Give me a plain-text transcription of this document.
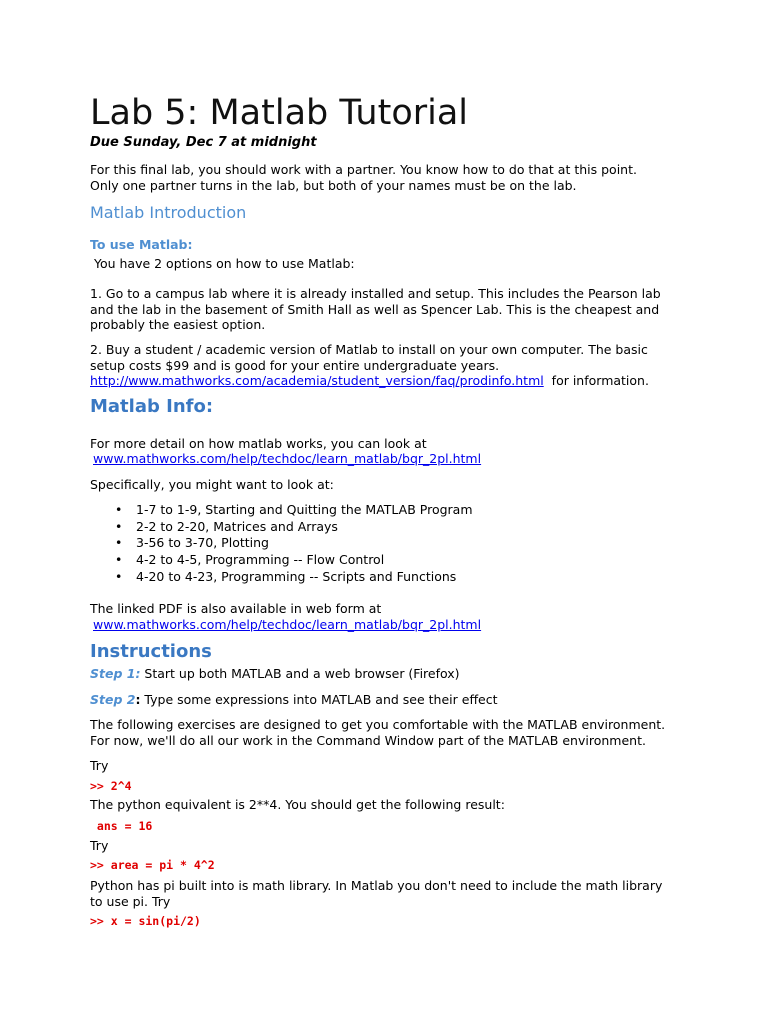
Lab 5: Matlab Tutorial
Due Sunday, Dec 7 at midnight
For this final lab, you should work with a partner. You know how to do that at this point.
Only one partner turns in the lab, but both of your names must be on the lab.
Matlab Introduction
To use Matlab:
You have 2 options on how to use Matlab:
1. Go to a campus lab where it is already installed and setup. This includes the Pearson lab
and the lab in the basement of Smith Hall as well as Spencer Lab. This is the cheapest and
probably the easiest option.
2. Buy a student / academic version of Matlab to install on your own computer. The basic
setup costs $99 and is good for your entire undergraduate years.
http://www.mathworks.com/academia/student_version/faq/prodinfo.html  for information.
Matlab Info:
For more detail on how matlab works, you can look at
www.mathworks.com/help/techdoc/learn_matlab/bqr_2pl.html
Specifically, you might want to look at:
• 1-7 to 1-9, Starting and Quitting the MATLAB Program
• 2-2 to 2-20, Matrices and Arrays
• 3-56 to 3-70, Plotting
• 4-2 to 4-5, Programming -- Flow Control
• 4-20 to 4-23, Programming -- Scripts and Functions
The linked PDF is also available in web form at
www.mathworks.com/help/techdoc/learn_matlab/bqr_2pl.html
Instructions
Step 1: Start up both MATLAB and a web browser (Firefox)
Step 2: Type some expressions into MATLAB and see their effect
The following exercises are designed to get you comfortable with the MATLAB environment.
For now, we'll do all our work in the Command Window part of the MATLAB environment.
Try
>> 2^4
The python equivalent is 2**4. You should get the following result:
ans = 16
Try
>> area = pi * 4^2
Python has pi built into is math library. In Matlab you don't need to include the math library
to use pi. Try
>> x = sin(pi/2)
